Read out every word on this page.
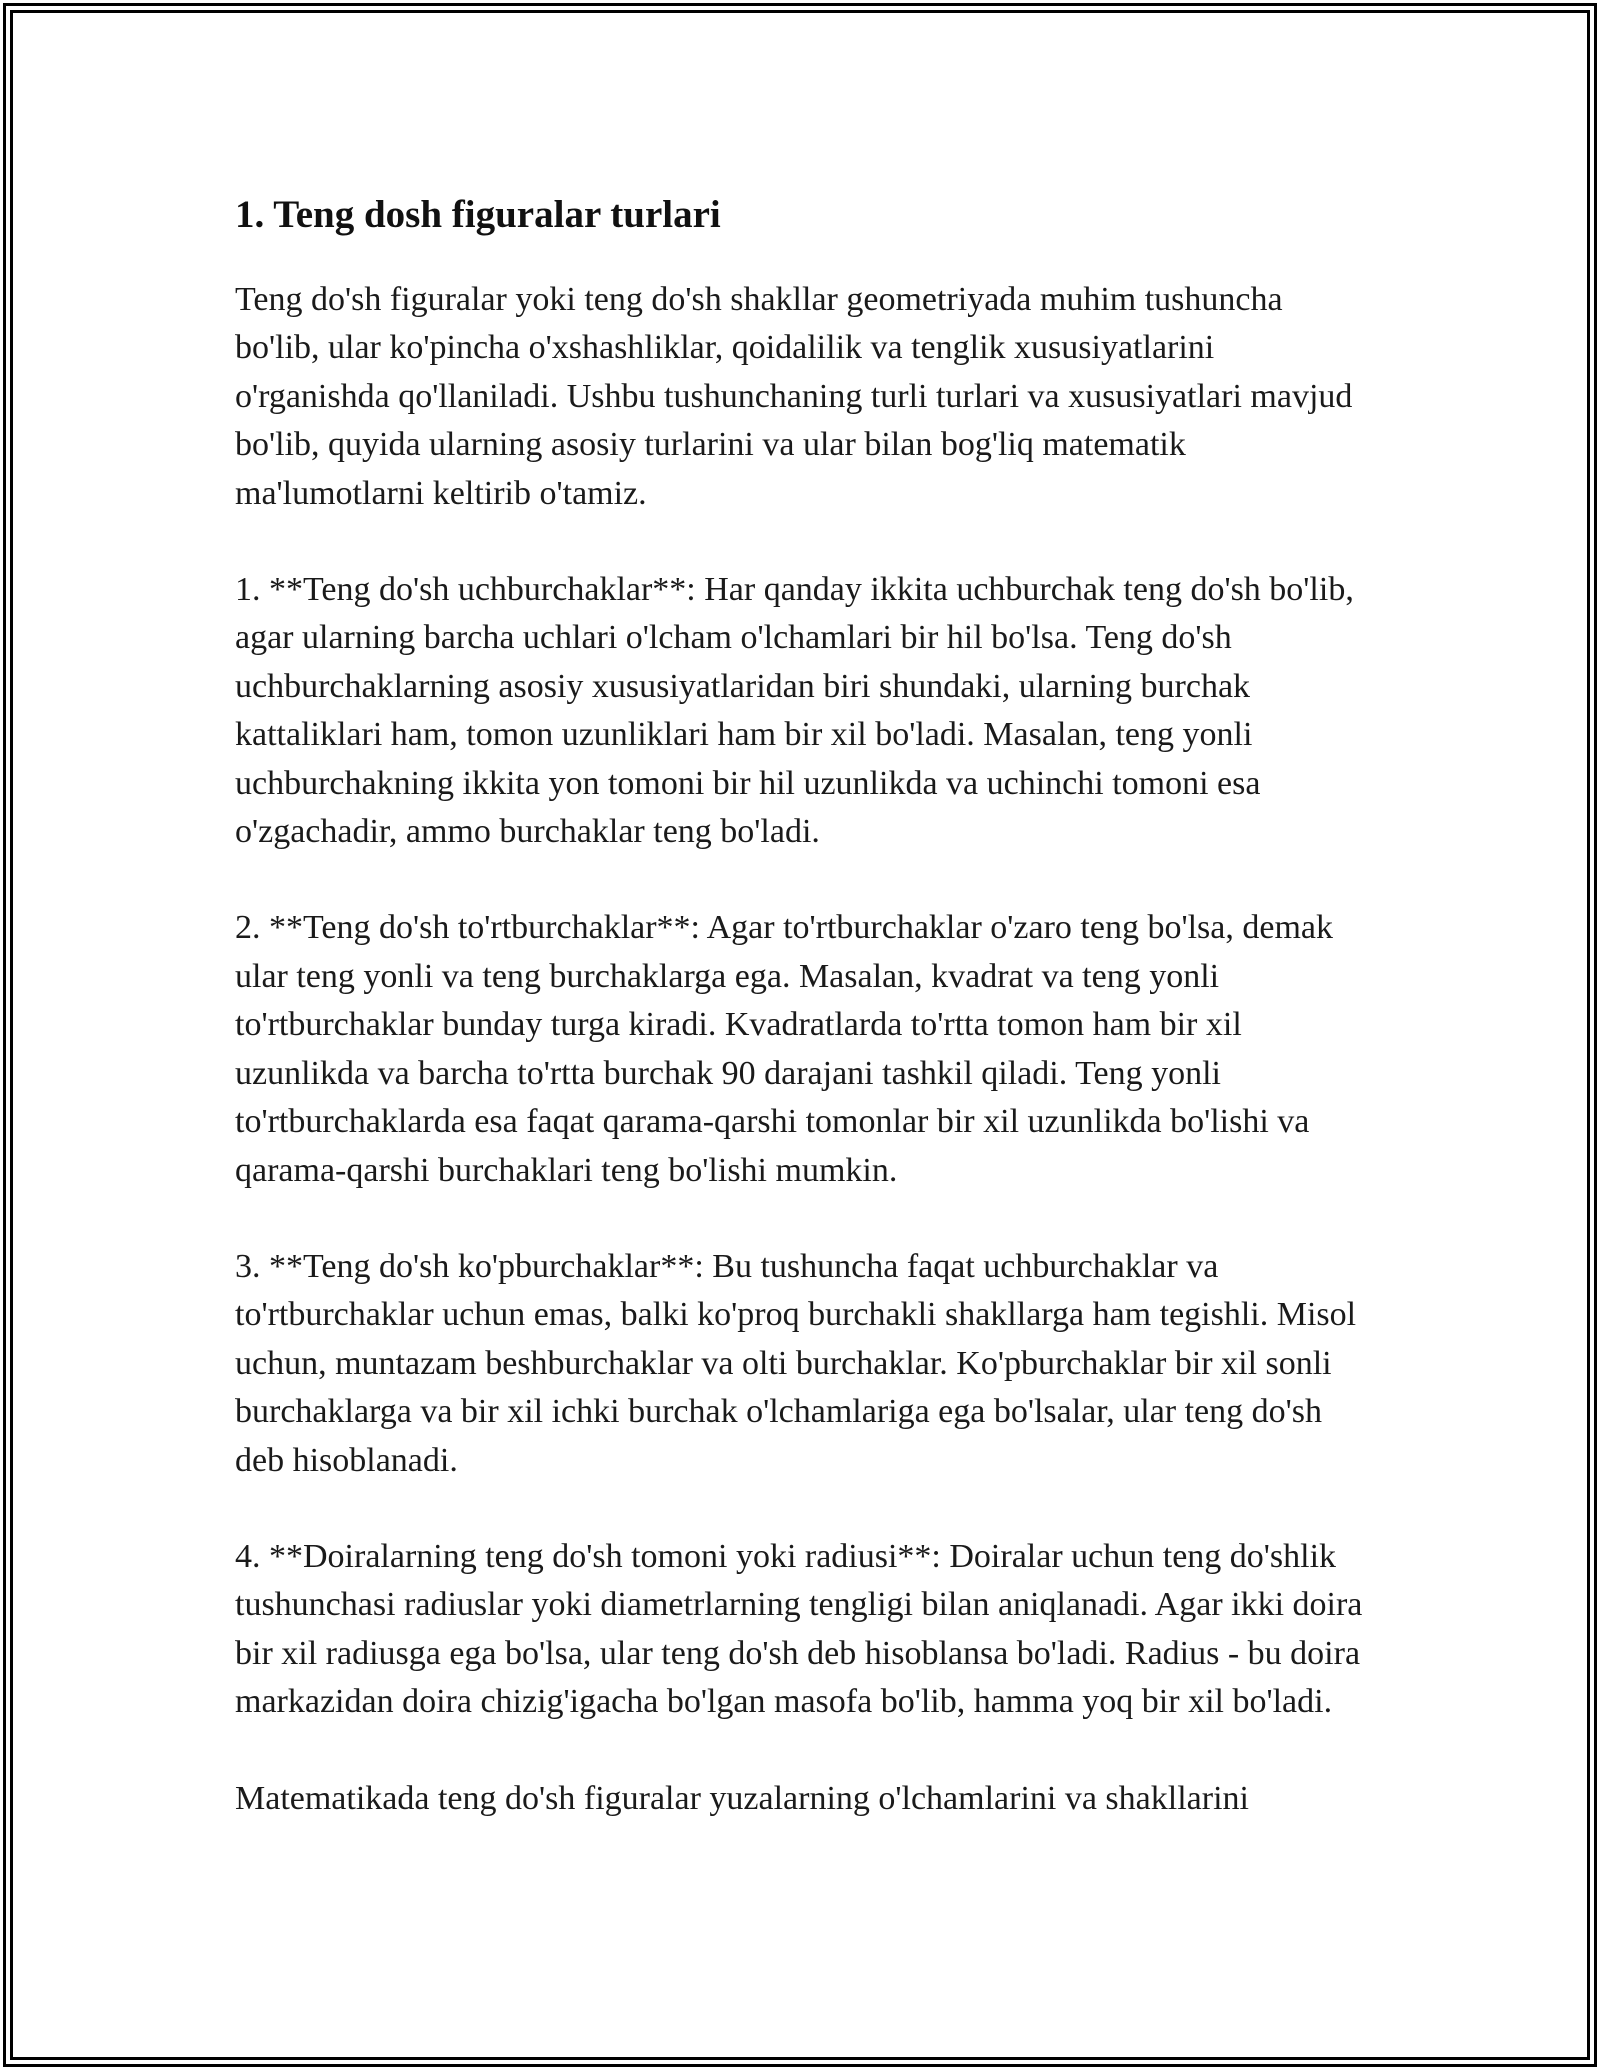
1. Teng dosh figuralar turlari

Teng do'sh figuralar yoki teng do'sh shakllar geometriyada muhim tushuncha bo'lib, ular ko'pincha o'xshashliklar, qoidalilik va tenglik xususiyatlarini o'rganishda qo'llaniladi. Ushbu tushunchaning turli turlari va xususiyatlari mavjud bo'lib, quyida ularning asosiy turlarini va ular bilan bog'liq matematik ma'lumotlarni keltirib o'tamiz.

1. **Teng do'sh uchburchaklar**: Har qanday ikkita uchburchak teng do'sh bo'lib, agar ularning barcha uchlari o'lcham o'lchamlari bir hil bo'lsa. Teng do'sh uchburchaklarning asosiy xususiyatlaridan biri shundaki, ularning burchak kattaliklari ham, tomon uzunliklari ham bir xil bo'ladi. Masalan, teng yonli uchburchakning ikkita yon tomoni bir hil uzunlikda va uchinchi tomoni esa o'zgachadir, ammo burchaklar teng bo'ladi.

2. **Teng do'sh to'rtburchaklar**: Agar to'rtburchaklar o'zaro teng bo'lsa, demak ular teng yonli va teng burchaklarga ega. Masalan, kvadrat va teng yonli to'rtburchaklar bunday turga kiradi. Kvadratlarda to'rtta tomon ham bir xil uzunlikda va barcha to'rtta burchak 90 darajani tashkil qiladi. Teng yonli to'rtburchaklarda esa faqat qarama-qarshi tomonlar bir xil uzunlikda bo'lishi va qarama-qarshi burchaklari teng bo'lishi mumkin.

3. **Teng do'sh ko'pburchaklar**: Bu tushuncha faqat uchburchaklar va to'rtburchaklar uchun emas, balki ko'proq burchakli shakllarga ham tegishli. Misol uchun, muntazam beshburchaklar va olti burchaklar. Ko'pburchaklar bir xil sonli burchaklarga va bir xil ichki burchak o'lchamlariga ega bo'lsalar, ular teng do'sh deb hisoblanadi.

4. **Doiralarning teng do'sh tomoni yoki radiusi**: Doiralar uchun teng do'shlik tushunchasi radiuslar yoki diametrlarning tengligi bilan aniqlanadi. Agar ikki doira bir xil radiusga ega bo'lsa, ular teng do'sh deb hisoblansa bo'ladi. Radius - bu doira markazidan doira chizig'igacha bo'lgan masofa bo'lib, hamma yoq bir xil bo'ladi.

Matematikada teng do'sh figuralar yuzalarning o'lchamlarini va shakllarini
